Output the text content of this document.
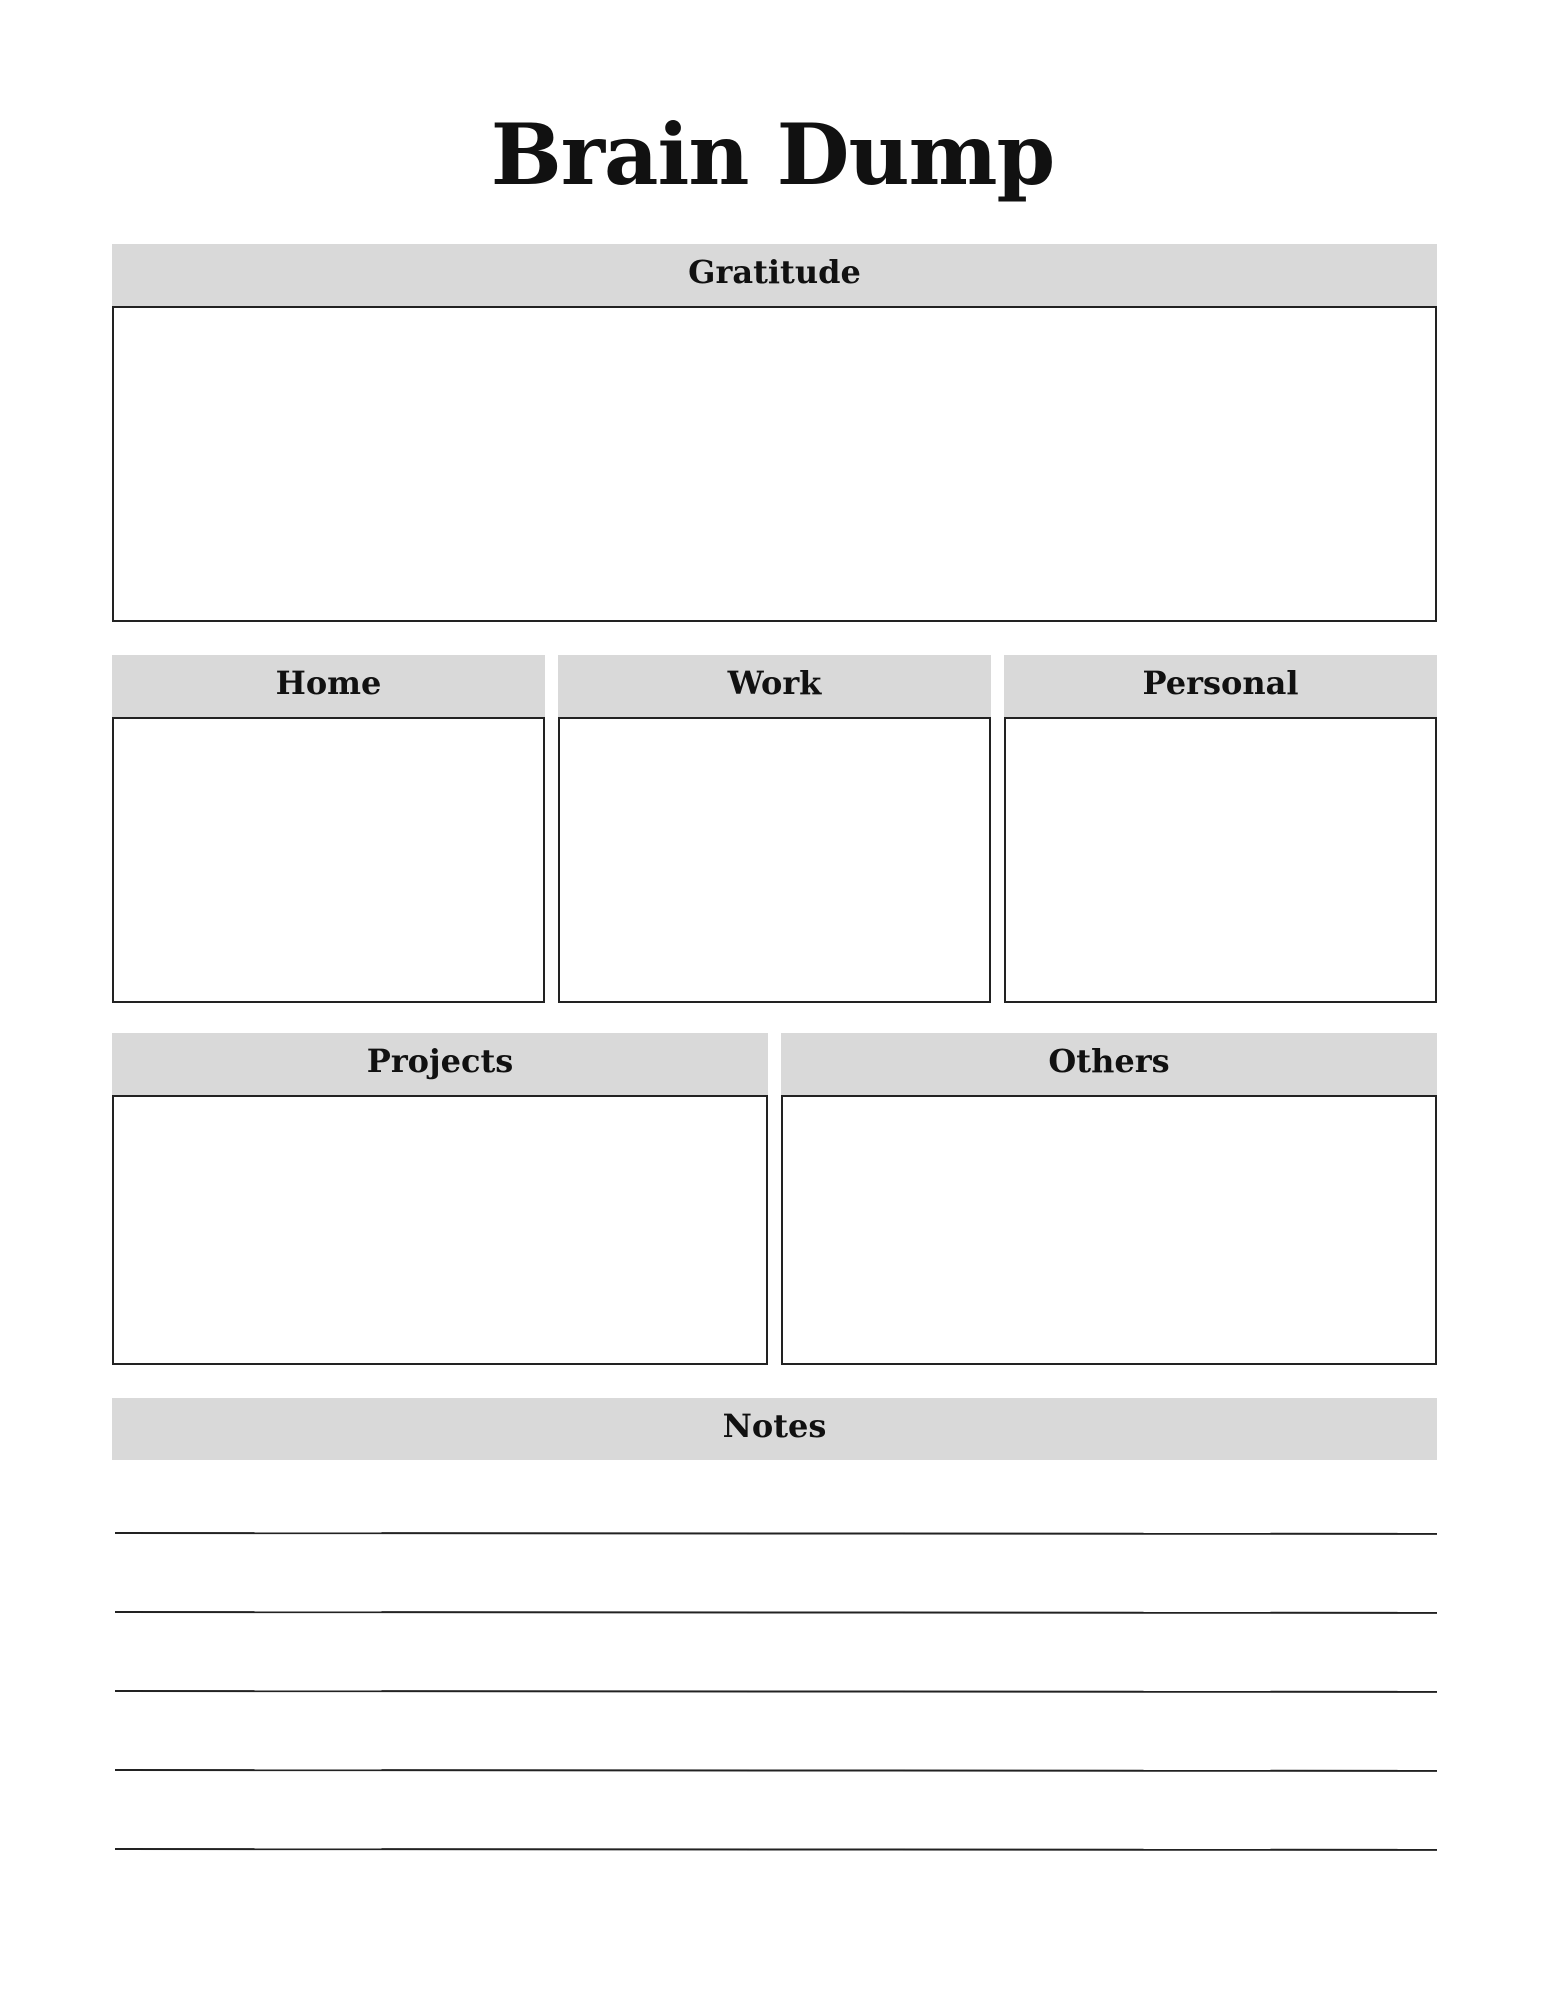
Brain Dump
Gratitude
Home	Work	Personal
Projects	Others
Notes
